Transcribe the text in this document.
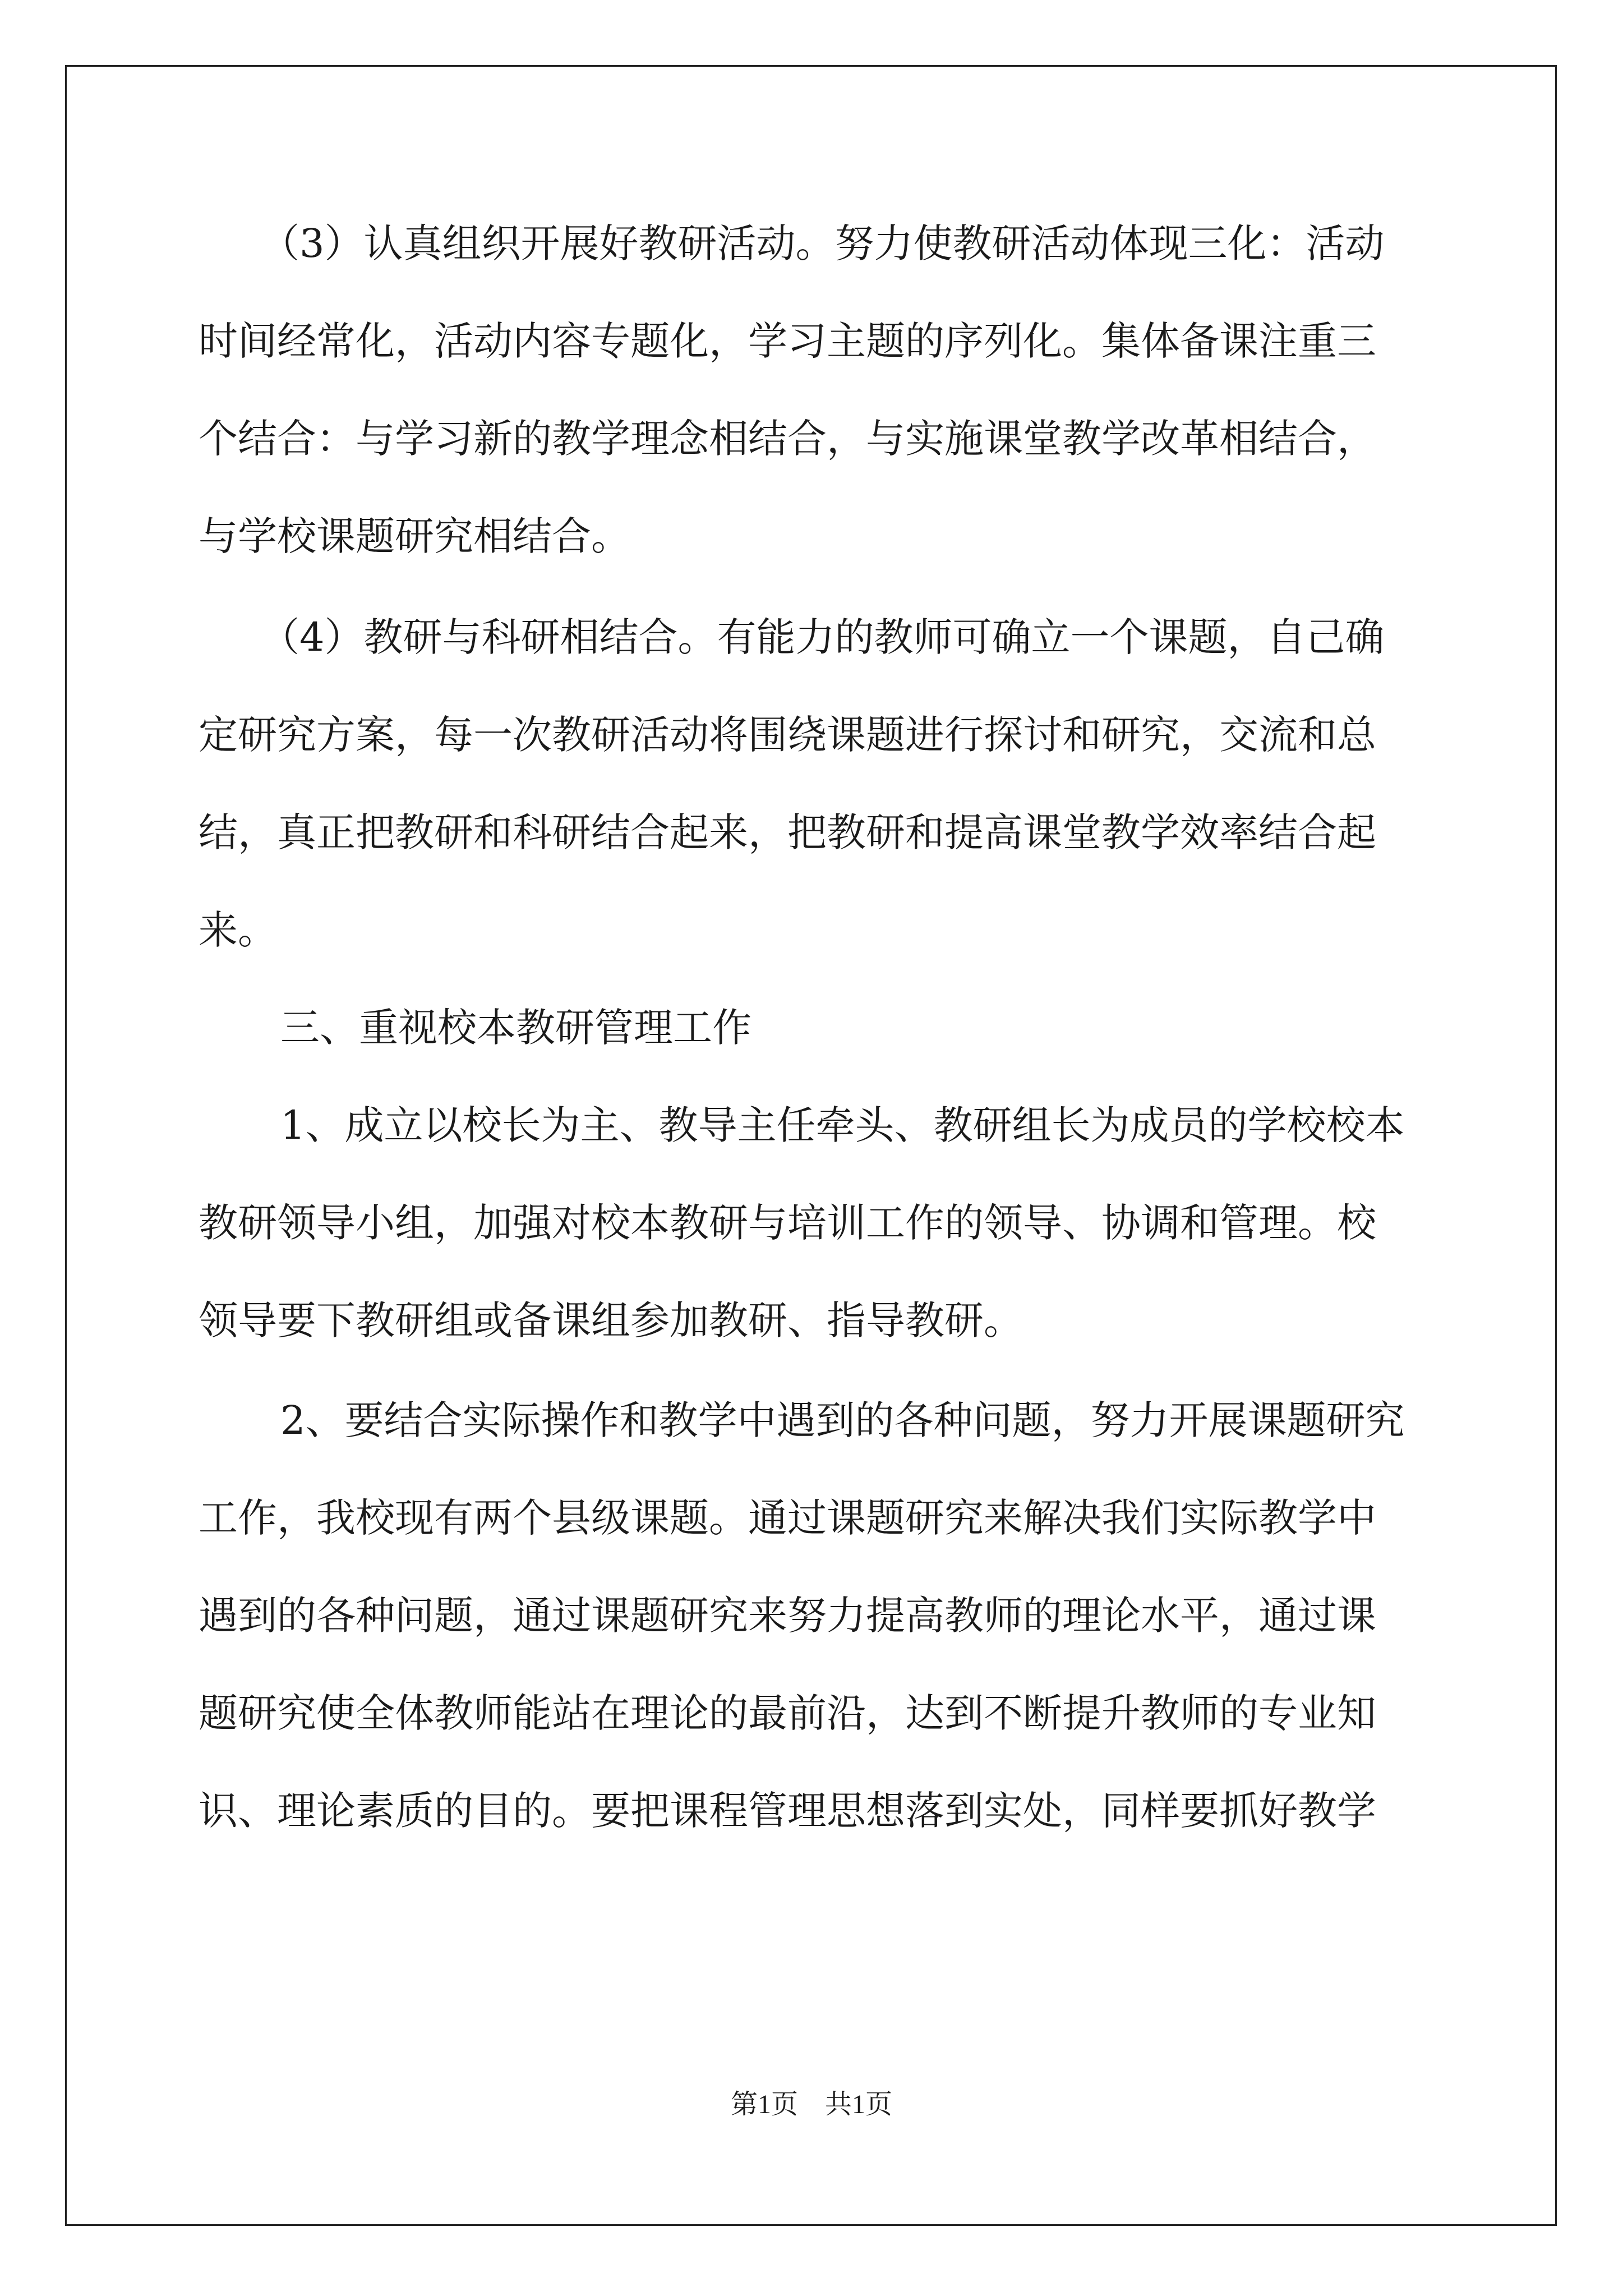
（3）认真组织开展好教研活动。努力使教研活动体现三化：活动
时间经常化，活动内容专题化，学习主题的序列化。集体备课注重三
个结合：与学习新的教学理念相结合，与实施课堂教学改革相结合，
与学校课题研究相结合。
（4）教研与科研相结合。有能力的教师可确立一个课题，自己确
定研究方案，每一次教研活动将围绕课题进行探讨和研究，交流和总
结，真正把教研和科研结合起来，把教研和提高课堂教学效率结合起
来。
三、重视校本教研管理工作
1、成立以校长为主、教导主任牵头、教研组长为成员的学校校本
教研领导小组，加强对校本教研与培训工作的领导、协调和管理。校
领导要下教研组或备课组参加教研、指导教研。
2、要结合实际操作和教学中遇到的各种问题，努力开展课题研究
工作，我校现有两个县级课题。通过课题研究来解决我们实际教学中
遇到的各种问题，通过课题研究来努力提高教师的理论水平，通过课
题研究使全体教师能站在理论的最前沿，达到不断提升教师的专业知
识、理论素质的目的。要把课程管理思想落到实处，同样要抓好教学
第1页 共1页
